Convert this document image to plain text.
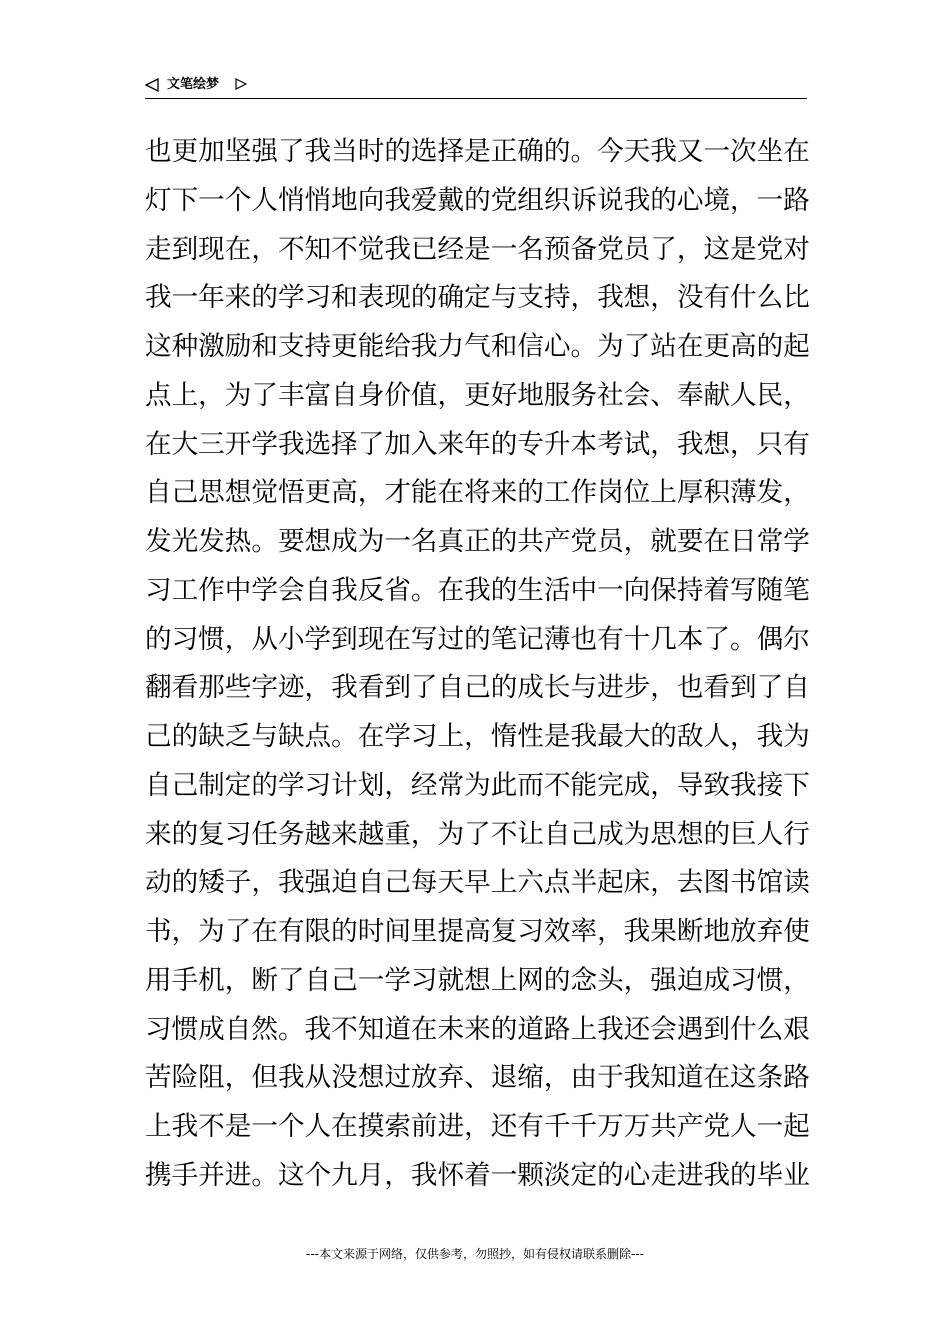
文笔绘梦
也更加坚强了我当时的选择是正确的。今天我又一次坐在
灯下一个人悄悄地向我爱戴的党组织诉说我的心境，一路
走到现在，不知不觉我已经是一名预备党员了，这是党对
我一年来的学习和表现的确定与支持，我想，没有什么比
这种激励和支持更能给我力气和信心。为了站在更高的起
点上，为了丰富自身价值，更好地服务社会、奉献人民，
在大三开学我选择了加入来年的专升本考试，我想，只有
自己思想觉悟更高，才能在将来的工作岗位上厚积薄发，
发光发热。要想成为一名真正的共产党员，就要在日常学
习工作中学会自我反省。在我的生活中一向保持着写随笔
的习惯，从小学到现在写过的笔记薄也有十几本了。偶尔
翻看那些字迹，我看到了自己的成长与进步，也看到了自
己的缺乏与缺点。在学习上，惰性是我最大的敌人，我为
自己制定的学习计划，经常为此而不能完成，导致我接下
来的复习任务越来越重，为了不让自己成为思想的巨人行
动的矮子，我强迫自己每天早上六点半起床，去图书馆读
书，为了在有限的时间里提高复习效率，我果断地放弃使
用手机，断了自己一学习就想上网的念头，强迫成习惯，
习惯成自然。我不知道在未来的道路上我还会遇到什么艰
苦险阻，但我从没想过放弃、退缩，由于我知道在这条路
上我不是一个人在摸索前进，还有千千万万共产党人一起
携手并进。这个九月，我怀着一颗淡定的心走进我的毕业
---本文来源于网络，仅供参考，勿照抄，如有侵权请联系删除---
